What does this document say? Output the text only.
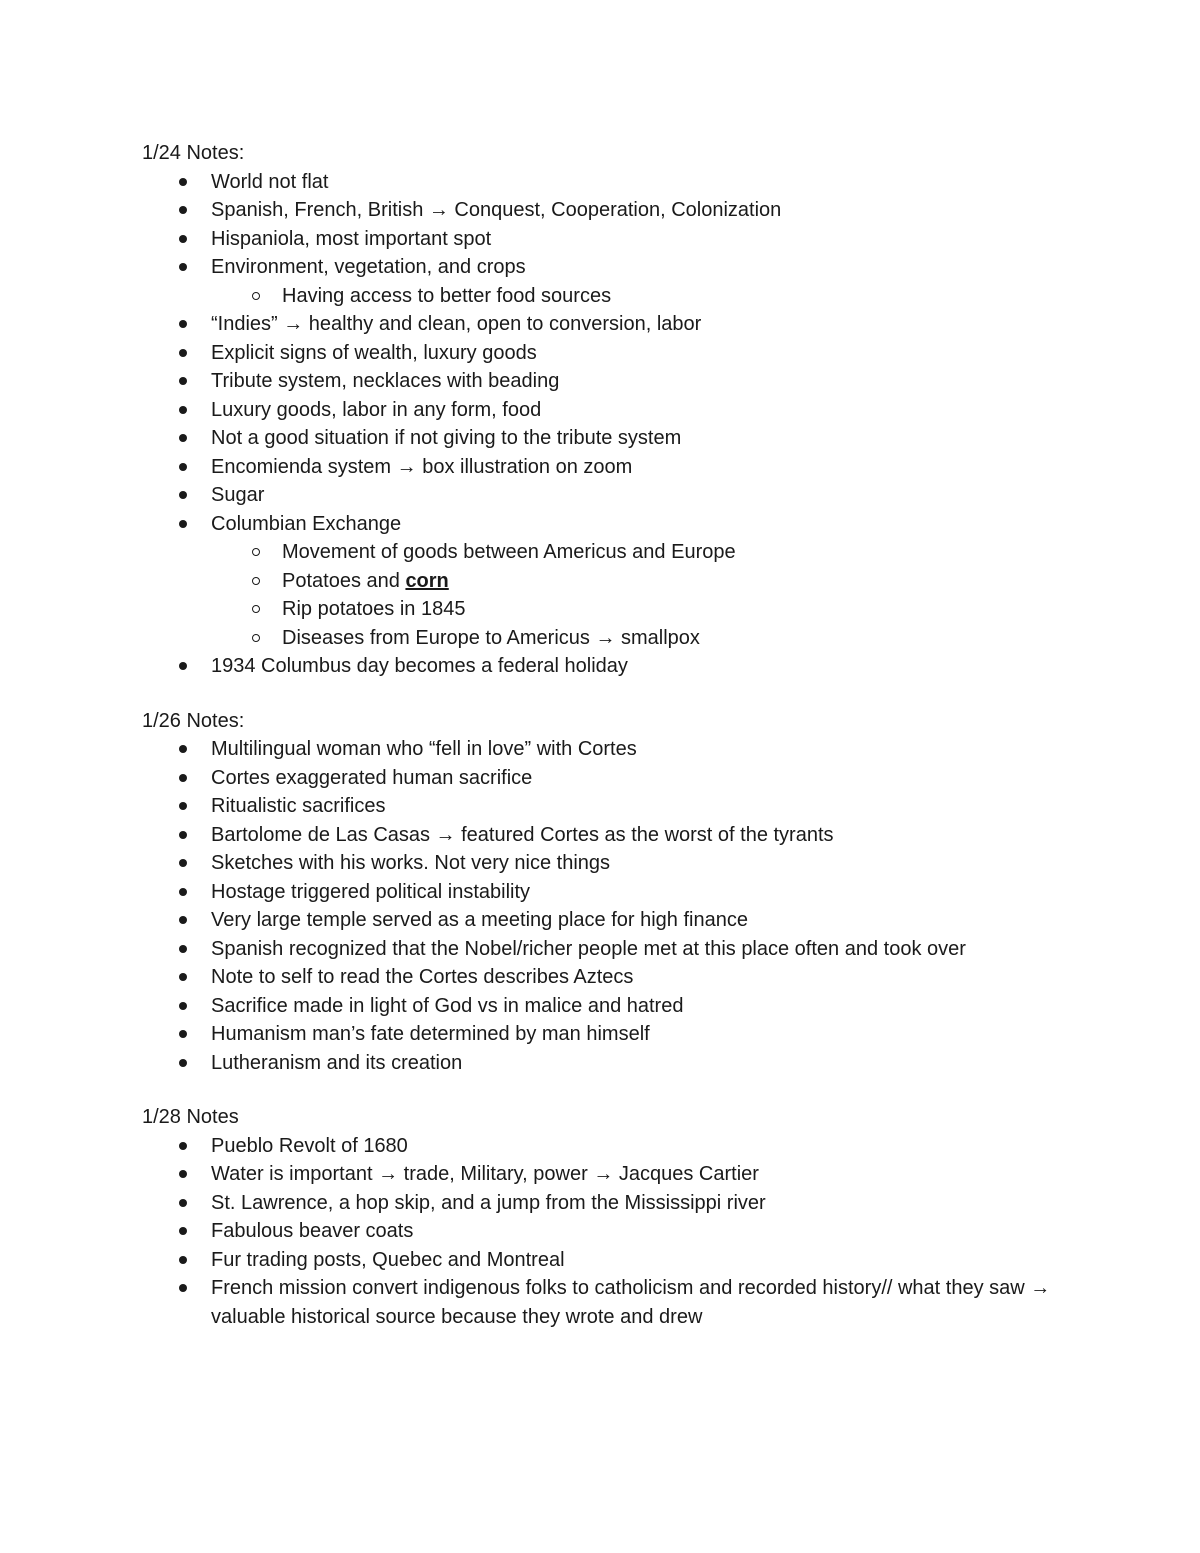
1/24 Notes:
World not flat
Spanish, French, British → Conquest, Cooperation, Colonization
Hispaniola, most important spot
Environment, vegetation, and crops
Having access to better food sources
“Indies” → healthy and clean, open to conversion, labor
Explicit signs of wealth, luxury goods
Tribute system, necklaces with beading
Luxury goods, labor in any form, food
Not a good situation if not giving to the tribute system
Encomienda system → box illustration on zoom
Sugar
Columbian Exchange
Movement of goods between Americus and Europe
Potatoes and corn
Rip potatoes in 1845
Diseases from Europe to Americus → smallpox
1934 Columbus day becomes a federal holiday
1/26 Notes:
Multilingual woman who “fell in love” with Cortes
Cortes exaggerated human sacrifice
Ritualistic sacrifices
Bartolome de Las Casas → featured Cortes as the worst of the tyrants
Sketches with his works. Not very nice things
Hostage triggered political instability
Very large temple served as a meeting place for high finance
Spanish recognized that the Nobel/richer people met at this place often and took over
Note to self to read the Cortes describes Aztecs
Sacrifice made in light of God vs in malice and hatred
Humanism man’s fate determined by man himself
Lutheranism and its creation
1/28 Notes
Pueblo Revolt of 1680
Water is important → trade, Military, power → Jacques Cartier
St. Lawrence, a hop skip, and a jump from the Mississippi river
Fabulous beaver coats
Fur trading posts, Quebec and Montreal
French mission convert indigenous folks to catholicism and recorded history// what they saw → valuable historical source because they wrote and drew
